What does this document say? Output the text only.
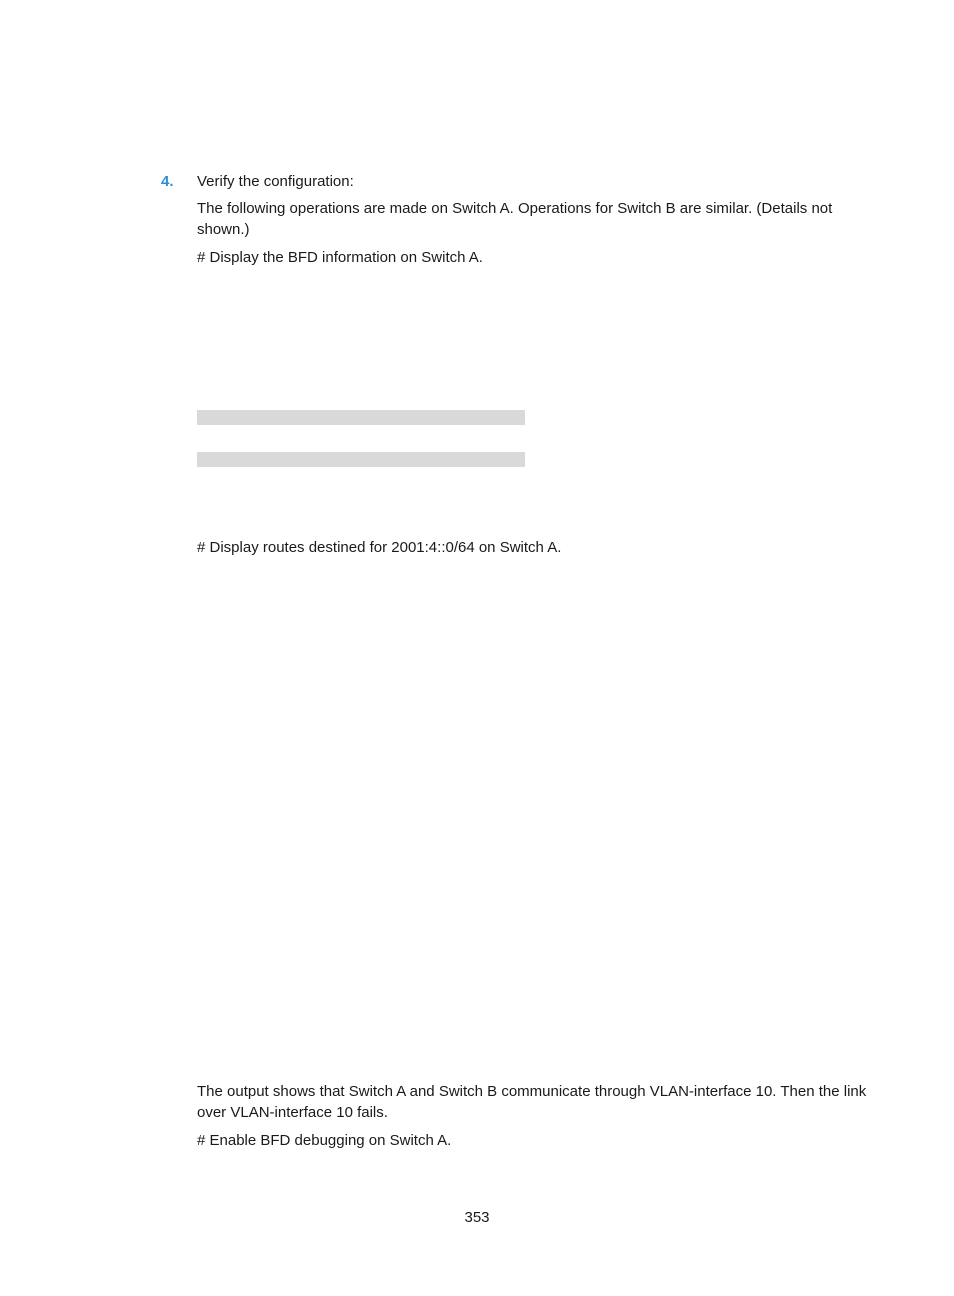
4. Verify the configuration:
The following operations are made on Switch A. Operations for Switch B are similar. (Details not shown.)
# Display the BFD information on Switch A.
# Display routes destined for 2001:4::0/64 on Switch A.
The output shows that Switch A and Switch B communicate through VLAN-interface 10. Then the link over VLAN-interface 10 fails.
# Enable BFD debugging on Switch A.
353
